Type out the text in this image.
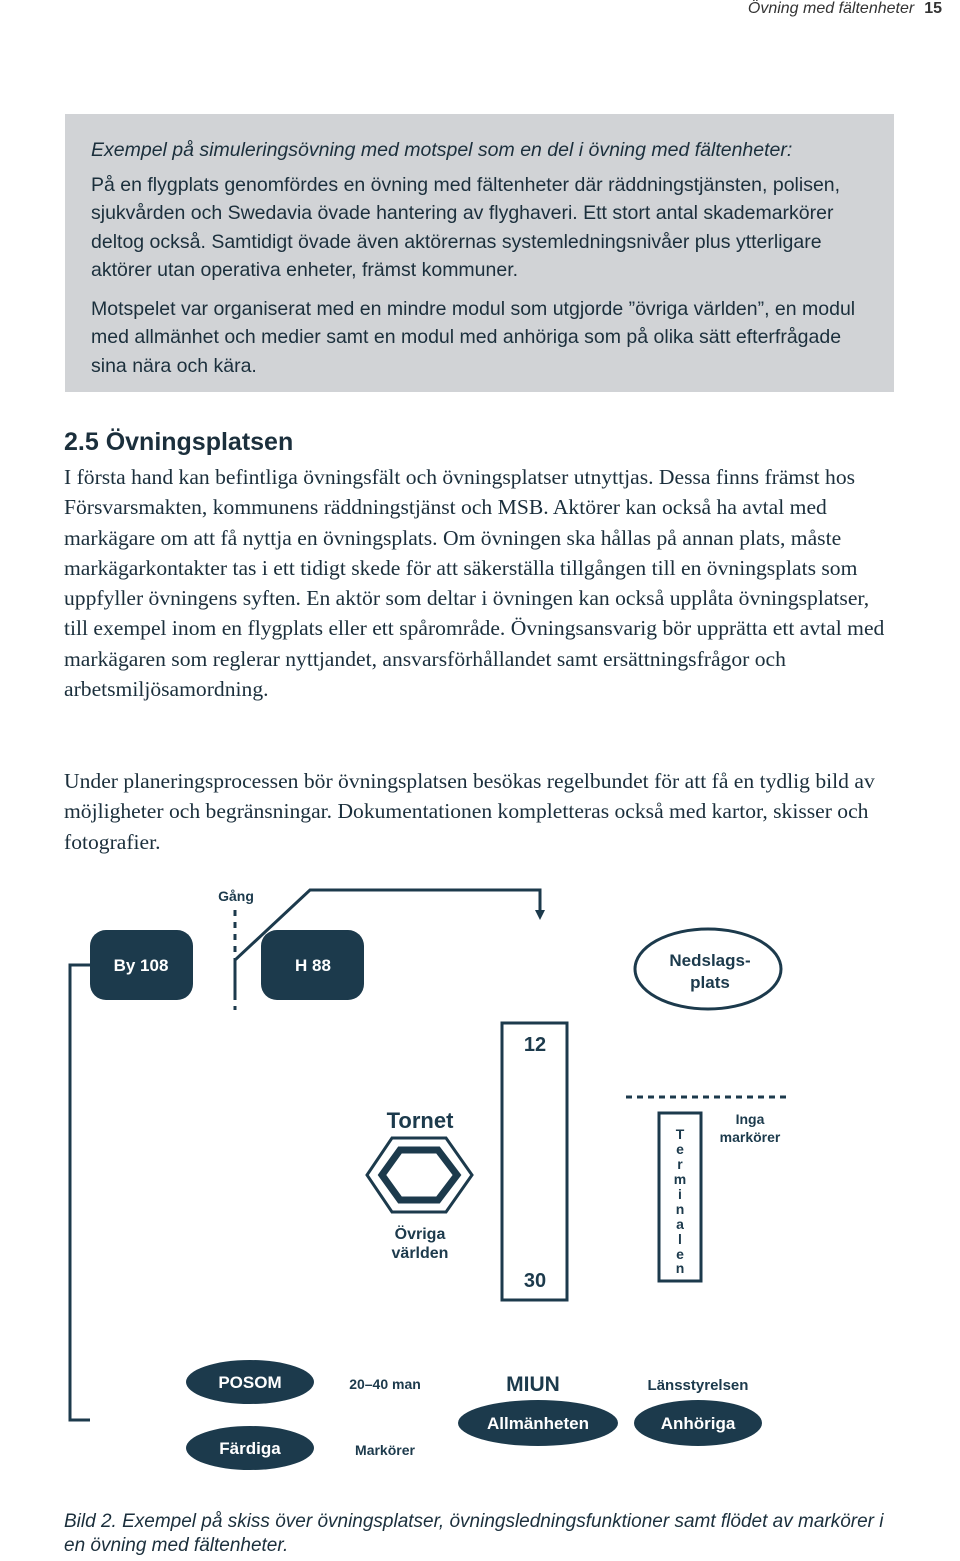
Övning med fältenheter 15

Exempel på simuleringsövning med motspel som en del i övning med fältenheter:

På en flygplats genomfördes en övning med fältenheter där räddningstjänsten, polisen, sjukvården och Swedavia övade hantering av flyghaveri. Ett stort antal skademarkörer deltog också. Samtidigt övade även aktörernas systemledningsnivåer plus ytterligare aktörer utan operativa enheter, främst kommuner.

Motspelet var organiserat med en mindre modul som utgjorde ”övriga världen”, en modul med allmänhet och medier samt en modul med anhöriga som på olika sätt efterfrågade sina nära och kära.

2.5 Övningsplatsen

I första hand kan befintliga övningsfält och övningsplatser utnyttjas. Dessa finns främst hos Försvarsmakten, kommunens räddningstjänst och MSB. Aktörer kan också ha avtal med markägare om att få nyttja en övningsplats. Om övningen ska hållas på annan plats, måste markägarkontakter tas i ett tidigt skede för att säkerställa tillgången till en övningsplats som uppfyller övningens syften. En aktör som deltar i övningen kan också upplåta övningsplatser, till exempel inom en flygplats eller ett spårområde. Övningsansvarig bör upprätta ett avtal med markägaren som reglerar nyttjandet, ansvarsförhållandet samt ersättningsfrågor och arbetsmiljösamordning.

Under planeringsprocessen bör övningsplatsen besökas regelbundet för att få en tydlig bild av möjligheter och begränsningar. Dokumentationen kompletteras också med kartor, skisser och fotografier.

Gång
By 108	H 88	Nedslags-
plats
12
30
Tornet
Övriga
världen
T
e
r
m
i
n
a
l
e
n
Inga
markörer
POSOM	20–40 man	MIUN	Länsstyrelsen
Färdiga	Markörer
Allmänheten	Anhöriga
Bild 2. Exempel på skiss över övningsplatser, övningsledningsfunktioner samt flödet av markörer i en övning med fältenheter.
